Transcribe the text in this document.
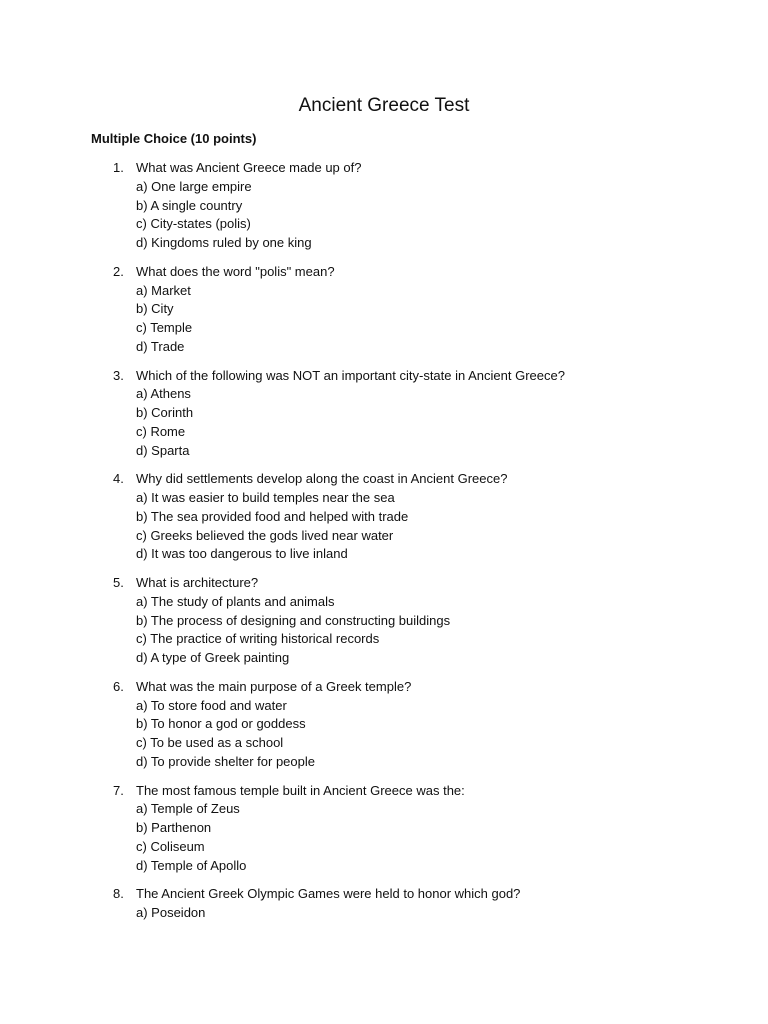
Ancient Greece Test
Multiple Choice (10 points)
1. What was Ancient Greece made up of?
a) One large empire
b) A single country
c) City-states (polis)
d) Kingdoms ruled by one king
2. What does the word "polis" mean?
a) Market
b) City
c) Temple
d) Trade
3. Which of the following was NOT an important city-state in Ancient Greece?
a) Athens
b) Corinth
c) Rome
d) Sparta
4. Why did settlements develop along the coast in Ancient Greece?
a) It was easier to build temples near the sea
b) The sea provided food and helped with trade
c) Greeks believed the gods lived near water
d) It was too dangerous to live inland
5. What is architecture?
a) The study of plants and animals
b) The process of designing and constructing buildings
c) The practice of writing historical records
d) A type of Greek painting
6. What was the main purpose of a Greek temple?
a) To store food and water
b) To honor a god or goddess
c) To be used as a school
d) To provide shelter for people
7. The most famous temple built in Ancient Greece was the:
a) Temple of Zeus
b) Parthenon
c) Coliseum
d) Temple of Apollo
8. The Ancient Greek Olympic Games were held to honor which god?
a) Poseidon
